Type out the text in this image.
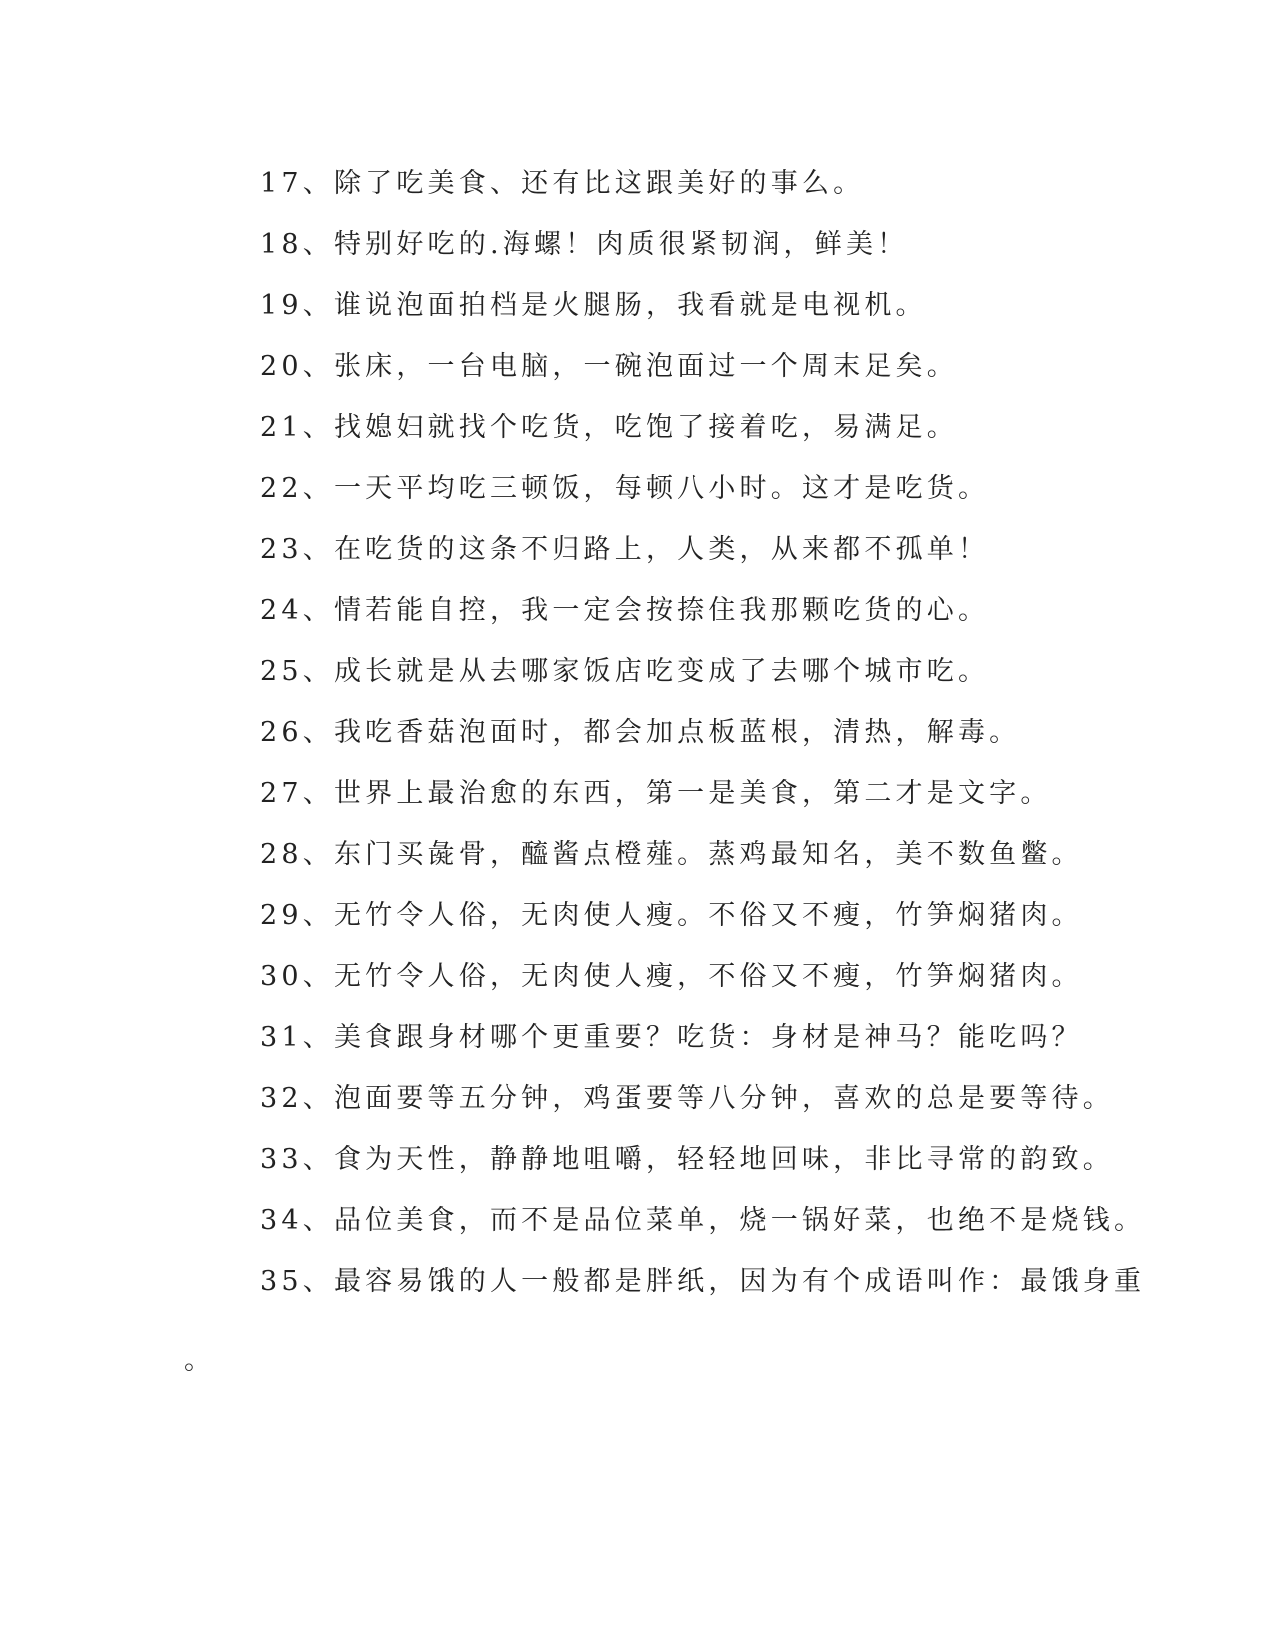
17、除了吃美食、还有比这跟美好的事么。
18、特别好吃的.海螺！肉质很紧韧润，鲜美！
19、谁说泡面拍档是火腿肠，我看就是电视机。
20、张床，一台电脑，一碗泡面过一个周末足矣。
21、找媳妇就找个吃货，吃饱了接着吃，易满足。
22、一天平均吃三顿饭，每顿八小时。这才是吃货。
23、在吃货的这条不归路上，人类，从来都不孤单！
24、情若能自控，我一定会按捺住我那颗吃货的心。
25、成长就是从去哪家饭店吃变成了去哪个城市吃。
26、我吃香菇泡面时，都会加点板蓝根，清热，解毒。
27、世界上最治愈的东西，第一是美食，第二才是文字。
28、东门买彘骨，醯酱点橙薤。蒸鸡最知名，美不数鱼鳖。
29、无竹令人俗，无肉使人瘦。不俗又不瘦，竹笋焖猪肉。
30、无竹令人俗，无肉使人瘦，不俗又不瘦，竹笋焖猪肉。
31、美食跟身材哪个更重要？吃货：身材是神马？能吃吗？
32、泡面要等五分钟，鸡蛋要等八分钟，喜欢的总是要等待。
33、食为天性，静静地咀嚼，轻轻地回味，非比寻常的韵致。
34、品位美食，而不是品位菜单，烧一锅好菜，也绝不是烧钱。
35、最容易饿的人一般都是胖纸，因为有个成语叫作：最饿身重
。
